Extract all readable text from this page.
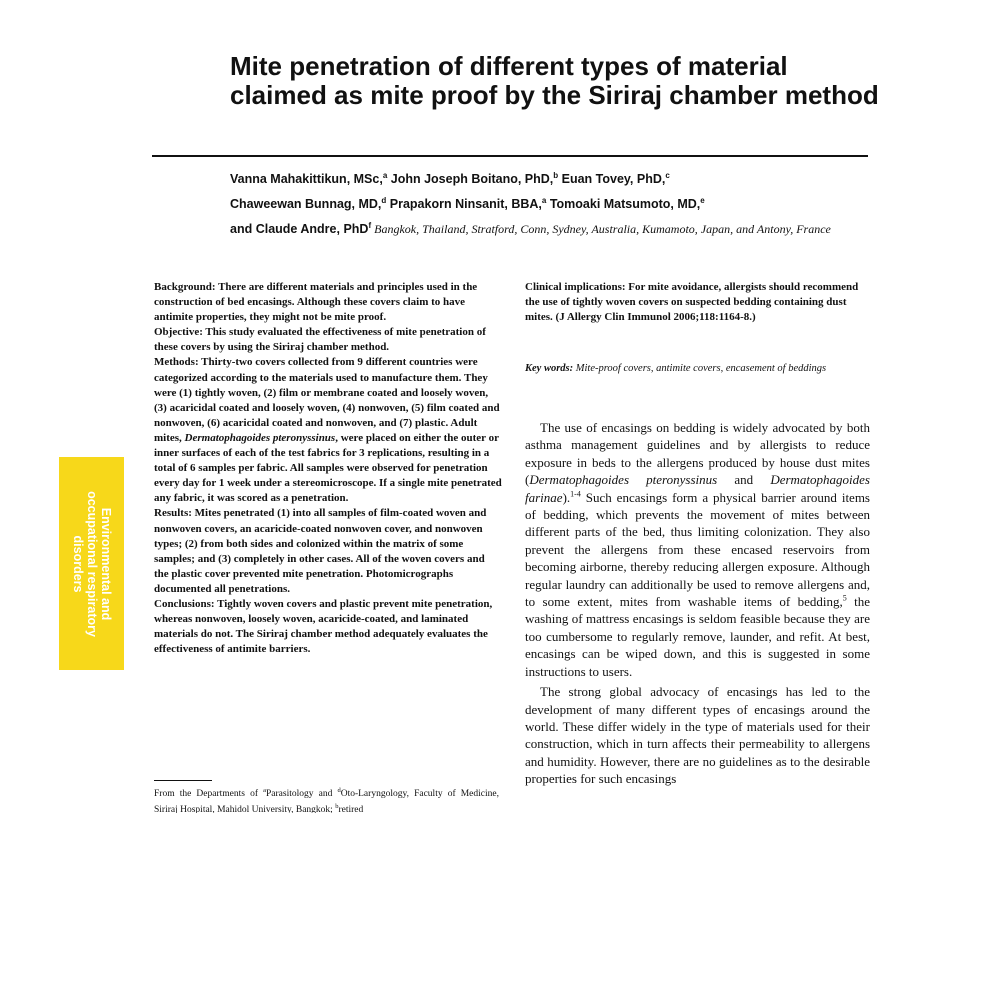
Mite penetration of different types of material claimed as mite proof by the Siriraj chamber method
Vanna Mahakittikun, MSc,$^a$ John Joseph Boitano, PhD,$^b$ Euan Tovey, PhD,$^c$
Chaweewan Bunnag, MD,$^d$ Prapakorn Ninsanit, BBA,$^a$ Tomoaki Matsumoto, MD,$^e$
and Claude Andre, PhD$^f$ Bangkok, Thailand, Stratford, Conn, Sydney, Australia, Kumamoto, Japan, and Antony, France
Environmental and
occupational respiratory
disorders

Background: There are different materials and principles used in the construction of bed encasings. Although these covers claim to have antimite properties, they might not be mite proof.

Objective: This study evaluated the effectiveness of mite penetration of these covers by using the Siriraj chamber method.

Methods: Thirty-two covers collected from 9 different countries were categorized according to the materials used to manufacture them. They were (1) tightly woven, (2) film or membrane coated and loosely woven, (3) acaricidal coated and loosely woven, (4) nonwoven, (5) film coated and nonwoven, (6) acaricidal coated and nonwoven, and (7) plastic. Adult mites, Dermatophagoides pteronyssinus, were placed on either the outer or inner surfaces of each of the test fabrics for 3 replications, resulting in a total of 6 samples per fabric. All samples were observed for penetration every day for 1 week under a stereomicroscope. If a single mite penetrated any fabric, it was scored as a penetration.

Results: Mites penetrated (1) into all samples of film-coated woven and nonwoven covers, an acaricide-coated nonwoven cover, and nonwoven types; (2) from both sides and colonized within the matrix of some samples; and (3) completely in other cases. All of the woven covers and the plastic cover prevented mite penetration. Photomicrographs documented all penetrations.

Conclusions: Tightly woven covers and plastic prevent mite penetration, whereas nonwoven, loosely woven, acaricide-coated, and laminated materials do not. The Siriraj chamber method adequately evaluates the effectiveness of antimite barriers.

From the Departments of $^a$Parasitology and $^d$Oto-Laryngology, Faculty of Medicine, Siriraj Hospital, Mahidol University, Bangkok; $^b$retired

Clinical implications: For mite avoidance, allergists should recommend the use of tightly woven covers on suspected bedding containing dust mites. (J Allergy Clin Immunol 2006;118:1164-8.)

Key words: Mite-proof covers, antimite covers, encasement of beddings

The use of encasings on bedding is widely advocated by both asthma management guidelines and by allergists to reduce exposure in beds to the allergens produced by house dust mites (Dermatophagoides pteronyssinus and Dermatophagoides farinae).$^{1-4}$ Such encasings form a physical barrier around items of bedding, which prevents the movement of mites between different parts of the bed, thus limiting colonization. They also prevent the allergens from these encased reservoirs from becoming airborne, thereby reducing allergen exposure. Although regular laundry can additionally be used to remove allergens and, to some extent, mites from washable items of bedding,$^5$ the washing of mattress encasings is seldom feasible because they are too cumbersome to regularly remove, launder, and refit. At best, encasings can be wiped down, and this is suggested in some instructions to users.

The strong global advocacy of encasings has led to the development of many different types of encasings around the world. These differ widely in the type of materials used for their construction, which in turn affects their permeability to allergens and humidity. However, there are no guidelines as to the desirable properties for such encasings
